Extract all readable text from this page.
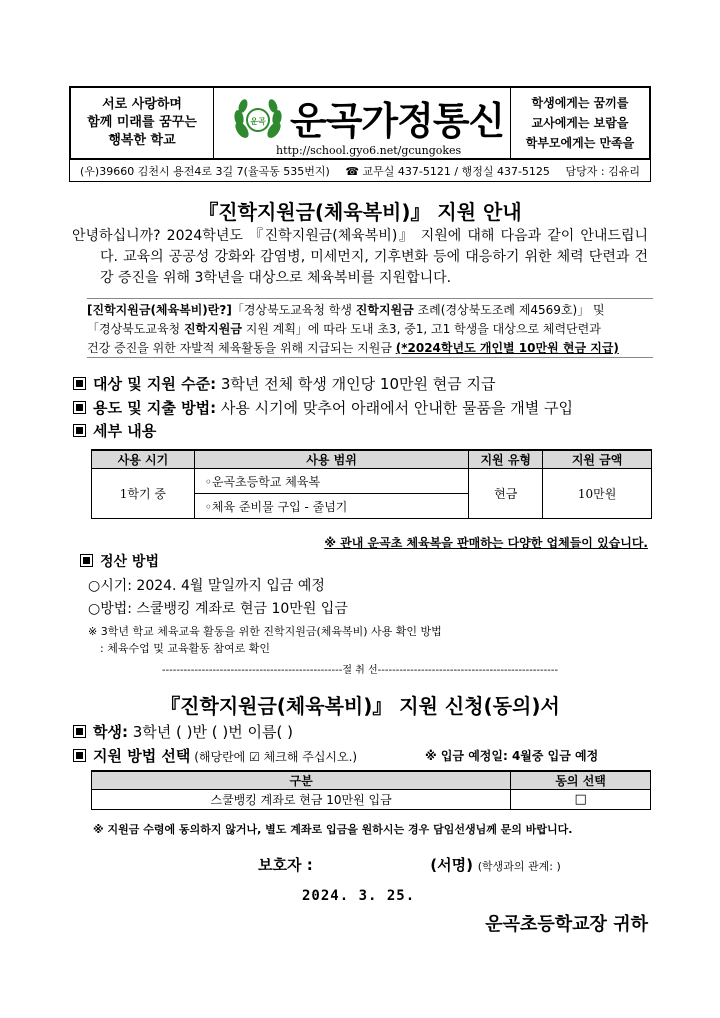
서로 사랑하며
함께 미래를 꿈꾸는
행복한 학교
운곡 운곡가정통신
http://school.gyo6.net/gcungokes
학생에게는 꿈끼를
교사에게는 보람을
학부모에게는 만족을
(우)39660 김천시 용전4로 3길 7(율곡동 535번지) ☎ 교무실 437-5121 / 행정실 437-5125 담당자 : 김유리
『진학지원금(체육복비)』 지원 안내
안녕하십니까? 2024학년도 『진학지원금(체육복비)』 지원에 대해 다음과 같이 안내드립니다. 교육의 공공성 강화와 감염병, 미세먼지, 기후변화 등에 대응하기 위한 체력 단련과 건강 증진을 위해 3학년을 대상으로 체육복비를 지원합니다.
[진학지원금(체육복비)란?]「경상북도교육청 학생 진학지원금 조례(경상북도조례 제4569호)」 및
「경상북도교육청 진학지원금 지원 계획」에 따라 도내 초3, 중1, 고1 학생을 대상으로 체력단련과
건강 증진을 위한 자발적 체육활동을 위해 지급되는 지원금 (*2024학년도 개인별 10만원 현금 지급)
대상 및 지원 수준: 3학년 전체 학생 개인당 10만원 현금 지급
용도 및 지출 방법: 사용 시기에 맞추어 아래에서 안내한 물품을 개별 구입
세부 내용
사용 시기	사용 범위	지원 유형	지원 금액
1학기 중	◦운곡초등학교 체육복	현금	10만원
	◦체육 준비물 구입 - 줄넘기		
※ 관내 운곡초 체육복을 판매하는 다양한 업체들이 있습니다.
정산 방법
○시기: 2024. 4월 말일까지 입금 예정
○방법: 스쿨뱅킹 계좌로 현금 10만원 입금
※ 3학년 학교 체육교육 활동을 위한 진학지원금(체육복비) 사용 확인 방법
: 체육수업 및 교육활동 참여로 확인
--------------------------------------------------절 취 선--------------------------------------------------
『진학지원금(체육복비)』 지원 신청(동의)서
학생: 3학년 ( )반 ( )번 이름( )
지원 방법 선택 (해당란에 ☑ 체크해 주십시오.)	※ 입금 예정일: 4월중 입금 예정
구분	동의 선택
스쿨뱅킹 계좌로 현금 10만원 입금	□
※ 지원금 수령에 동의하지 않거나, 별도 계좌로 입금을 원하시는 경우 담임선생님께 문의 바랍니다.
보호자 :	(서명) (학생과의 관계: )
2024. 3. 25.
운곡초등학교장 귀하
